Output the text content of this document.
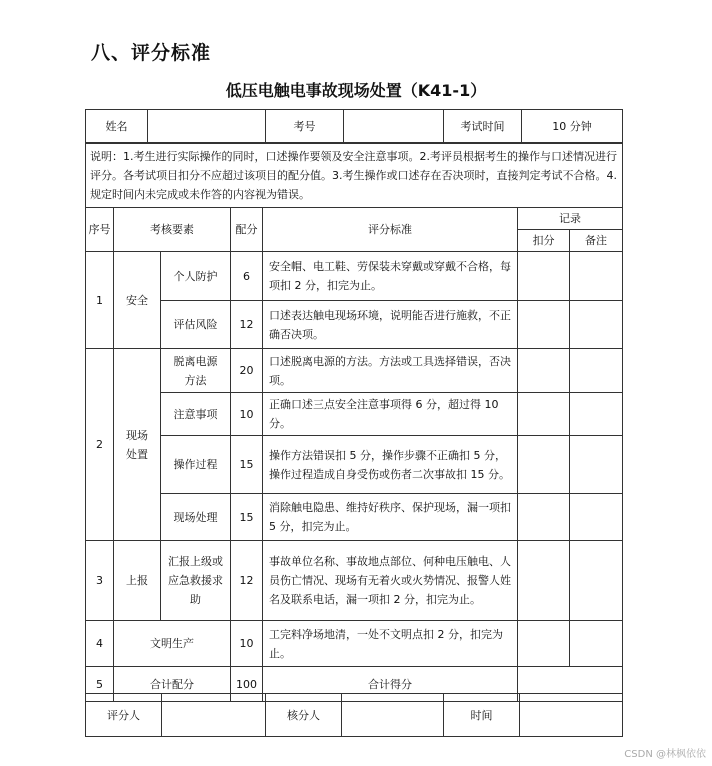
八、评分标准
低压电触电事故现场处置（K41-1）
姓名		考号		考试时间	10 分钟
说明：1.考生进行实际操作的同时，口述操作要领及安全注意事项。2.考评员根据考生的操作与口述情况进行评分。各考试项目扣分不应超过该项目的配分值。3.考生操作或口述存在否决项时，直接判定考试不合格。4.规定时间内未完成或未作答的内容视为错误。						
序号	考核要素		配分	评分标准	记录	
					扣分	备注
1	安全	个人防护	6	安全帽、电工鞋、劳保装未穿戴或穿戴不合格，每项扣 2 分，扣完为止。		
		评估风险	12	口述表达触电现场环境，说明能否进行施救，不正确否决项。		
2	现场处置	脱离电源方法	20	口述脱离电源的方法。方法或工具选择错误，否决项。		
		注意事项	10	正确口述三点安全注意事项得 6 分，超过得 10 分。		
		操作过程	15	操作方法错误扣 5 分，操作步骤不正确扣 5 分，操作过程造成自身受伤或伤者二次事故扣 15 分。		
		现场处理	15	消除触电隐患、维持好秩序、保护现场，漏一项扣 5 分，扣完为止。		
3	上报	汇报上级或应急救援求助	12	事故单位名称、事故地点部位、何种电压触电、人员伤亡情况、现场有无着火或火势情况、报警人姓名及联系电话，漏一项扣 2 分，扣完为止。		
4	文明生产		10	工完料净场地清，一处不文明点扣 2 分，扣完为止。		
5	合计配分		100	合计得分		
评分人		核分人		时间	
CSDN @林枫依依
